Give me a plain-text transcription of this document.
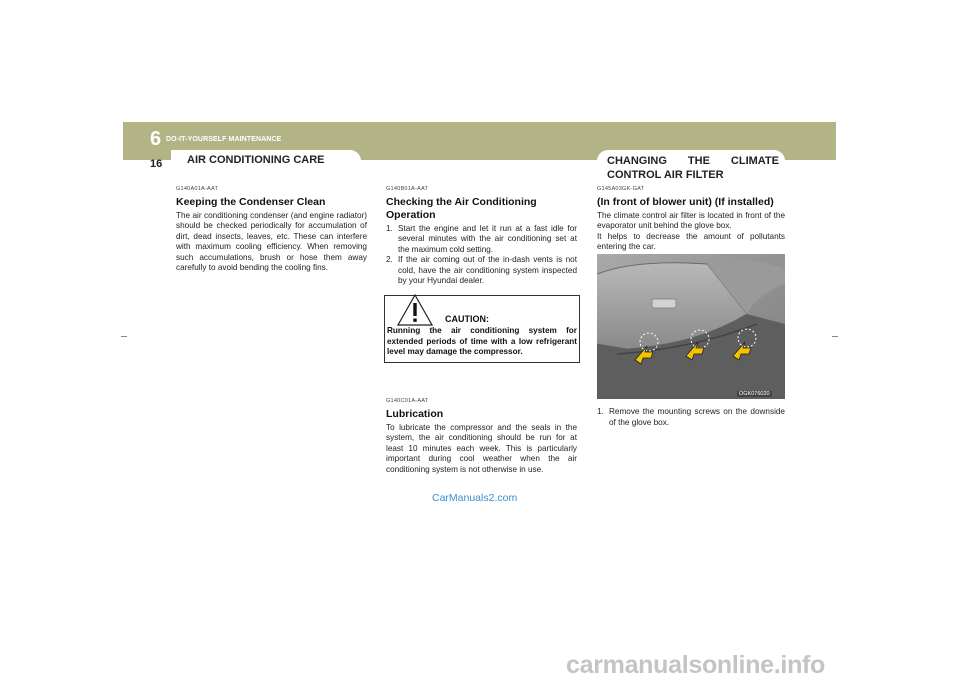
6 DO-IT-YOURSELF MAINTENANCE
16 AIR CONDITIONING CARE	CHANGING THE CLIMATE CONTROL AIR FILTER
G140A01A-AAT
Keeping the Condenser Clean

The air conditioning condenser (and engine radiator) should be checked periodically for accumulation of dirt, dead insects, leaves, etc. These can interfere with maximum cooling efficiency. When removing such accumulations, brush or hose them away carefully to avoid bending the cooling fins.

G140B01A-AAT
Checking the Air Conditioning Operation
1. Start the engine and let it run at a fast idle for several minutes with the air conditioning set at the maximum cold setting.
2. If the air coming out of the in-dash vents is not cold, have the air conditioning system inspected by your Hyundai dealer.
CAUTION:
Running the air conditioning system for extended periods of time with a low refrigerant level may damage the compressor.
G140C01A-AAT
Lubrication

To lubricate the compressor and the seals in the system, the air conditioning should be run for at least 10 minutes each week. This is particularly important during cool weather when the air conditioning system is not otherwise in use.

G145A03GK-GAT
(In front of blower unit) (If installed)

The climate control air filter is located in front of the evaporator unit behind the glove box.
It helps to decrease the amount of pollutants entering the car.

OGK076020
1. Remove the mounting screws on the downside of the glove box.
CarManuals2.com
carmanualsonline.info
